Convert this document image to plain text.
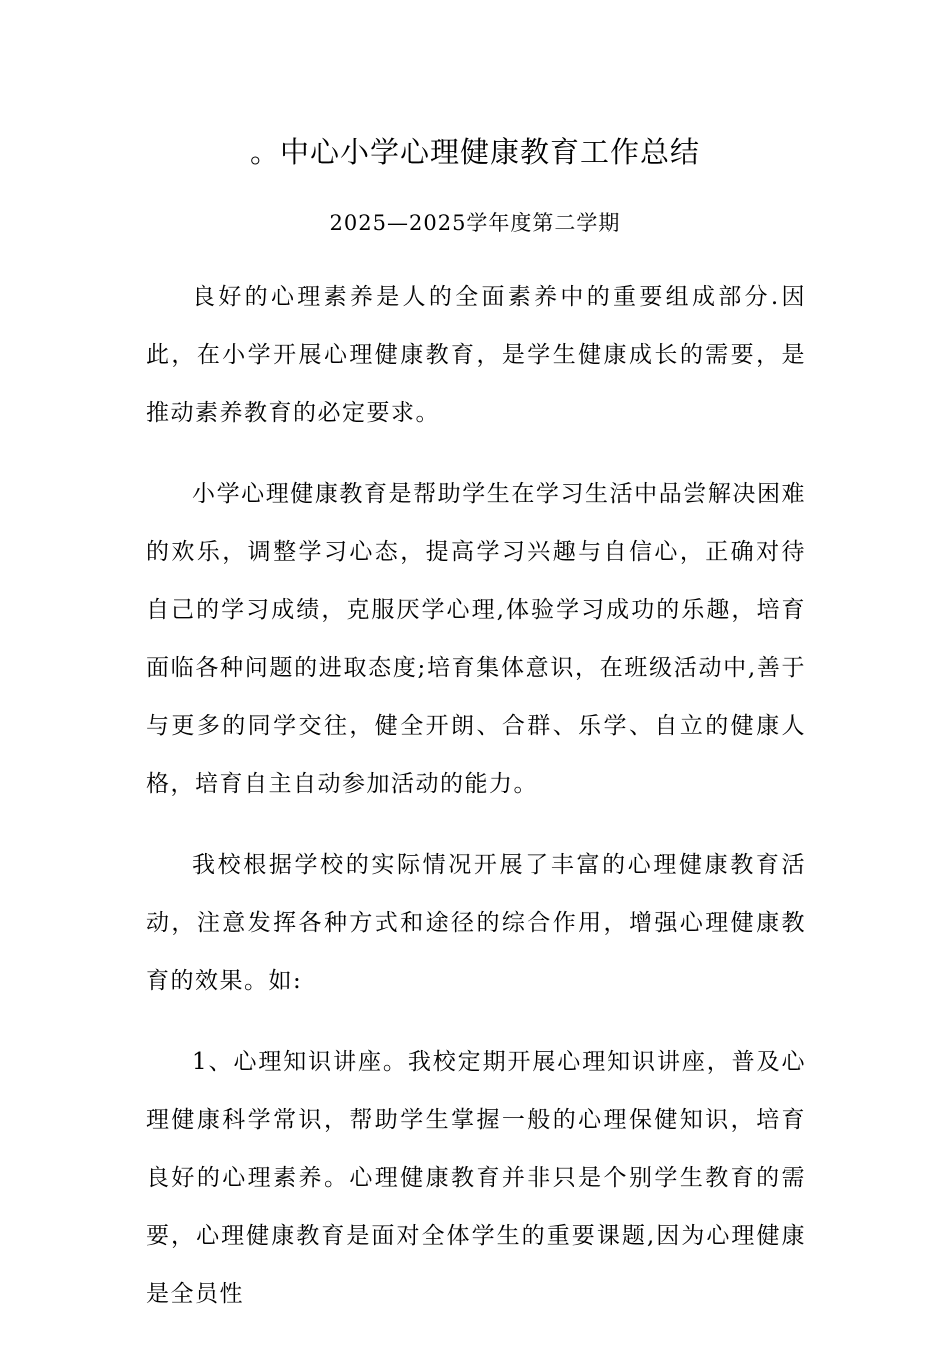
。中心小学心理健康教育工作总结
2025—2025学年度第二学期

良好的心理素养是人的全面素养中的重要组成部分.因此，在小学开展心理健康教育，是学生健康成长的需要，是推动素养教育的必定要求。

小学心理健康教育是帮助学生在学习生活中品尝解决困难的欢乐，调整学习心态，提高学习兴趣与自信心，正确对待自己的学习成绩，克服厌学心理,体验学习成功的乐趣，培育面临各种问题的进取态度;培育集体意识，在班级活动中,善于与更多的同学交往，健全开朗、合群、乐学、自立的健康人格，培育自主自动参加活动的能力。

我校根据学校的实际情况开展了丰富的心理健康教育活动，注意发挥各种方式和途径的综合作用，增强心理健康教育的效果。如:

1、心理知识讲座。我校定期开展心理知识讲座，普及心理健康科学常识，帮助学生掌握一般的心理保健知识，培育良好的心理素养。心理健康教育并非只是个别学生教育的需要，心理健康教育是面对全体学生的重要课题,因为心理健康是全员性
